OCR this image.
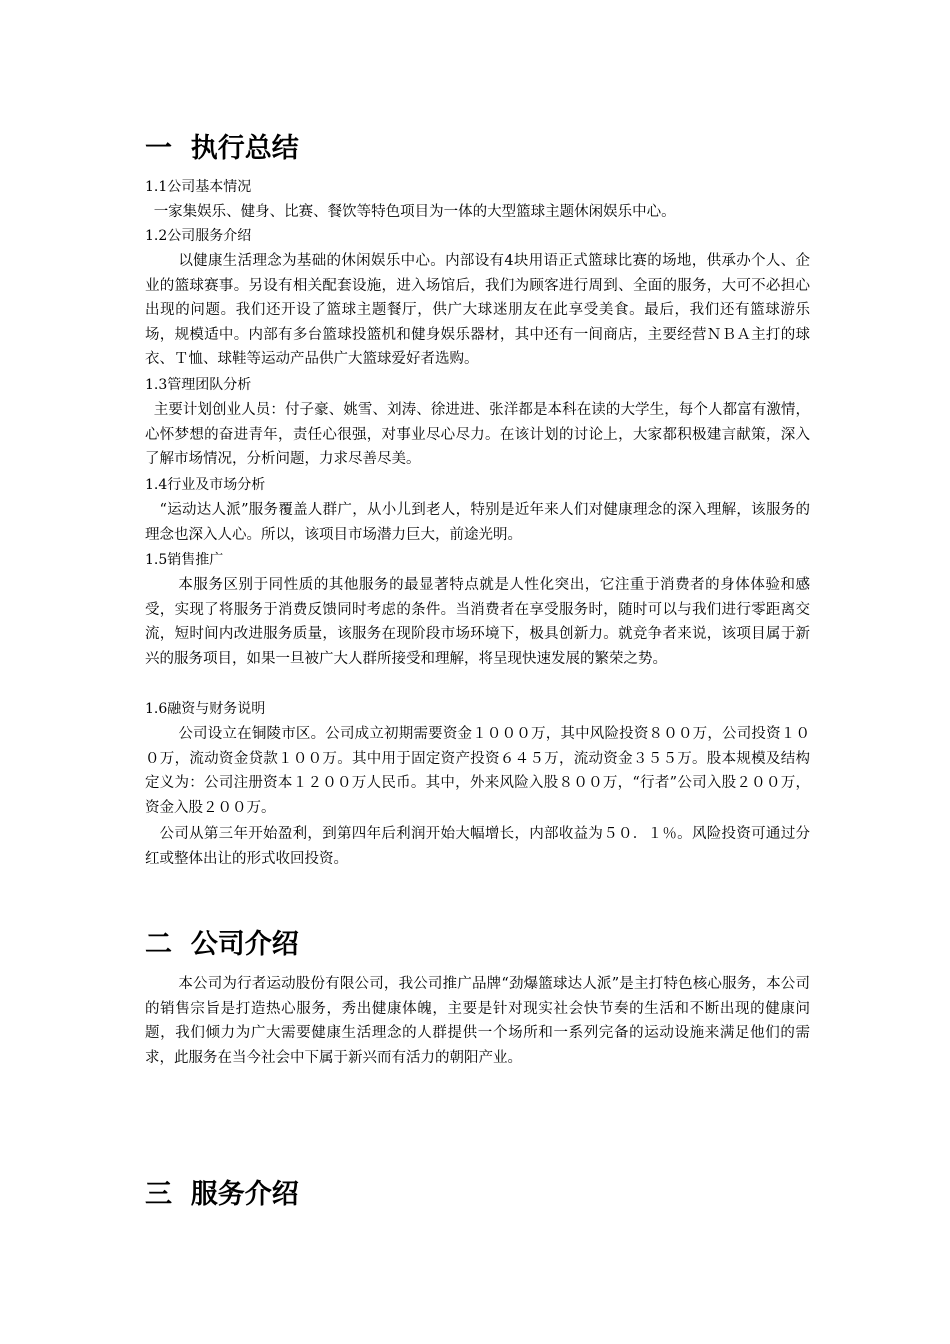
一  执行总结
1.1公司基本情况

一家集娱乐、健身、比赛、餐饮等特色项目为一体的大型篮球主题休闲娱乐中心。

1.2公司服务介绍

以健康生活理念为基础的休闲娱乐中心。内部设有4块用语正式篮球比赛的场地，供承办个人、企业的篮球赛事。另设有相关配套设施，进入场馆后，我们为顾客进行周到、全面的服务，大可不必担心出现的问题。我们还开设了篮球主题餐厅，供广大球迷朋友在此享受美食。最后，我们还有篮球游乐场，规模适中。内部有多台篮球投篮机和健身娱乐器材，其中还有一间商店，主要经营ＮＢＡ主打的球衣、Ｔ恤、球鞋等运动产品供广大篮球爱好者选购。

1.3管理团队分析

主要计划创业人员：付子豪、姚雪、刘涛、徐进进、张洋都是本科在读的大学生，每个人都富有激情，心怀梦想的奋进青年，责任心很强，对事业尽心尽力。在该计划的讨论上，大家都积极建言献策，深入了解市场情况，分析问题，力求尽善尽美。

1.4行业及市场分析

“运动达人派”服务覆盖人群广，从小儿到老人，特别是近年来人们对健康理念的深入理解，该服务的理念也深入人心。所以，该项目市场潜力巨大，前途光明。

1.5销售推广

本服务区别于同性质的其他服务的最显著特点就是人性化突出，它注重于消费者的身体体验和感受，实现了将服务于消费反馈同时考虑的条件。当消费者在享受服务时，随时可以与我们进行零距离交流，短时间内改进服务质量，该服务在现阶段市场环境下，极具创新力。就竞争者来说，该项目属于新兴的服务项目，如果一旦被广大人群所接受和理解，将呈现快速发展的繁荣之势。

1.6融资与财务说明

公司设立在铜陵市区。公司成立初期需要资金１０００万，其中风险投资８００万，公司投资１００万，流动资金贷款１００万。其中用于固定资产投资６４５万，流动资金３５５万。股本规模及结构定义为：公司注册资本１２００万人民币。其中，外来风险入股８００万，“行者”公司入股２００万，资金入股２００万。

公司从第三年开始盈利，到第四年后利润开始大幅增长，内部收益为５０．１％。风险投资可通过分红或整体出让的形式收回投资。

二  公司介绍

本公司为行者运动股份有限公司，我公司推广品牌“劲爆篮球达人派”是主打特色核心服务，本公司的销售宗旨是打造热心服务，秀出健康体魄，主要是针对现实社会快节奏的生活和不断出现的健康问题，我们倾力为广大需要健康生活理念的人群提供一个场所和一系列完备的运动设施来满足他们的需求，此服务在当今社会中下属于新兴而有活力的朝阳产业。

三  服务介绍
